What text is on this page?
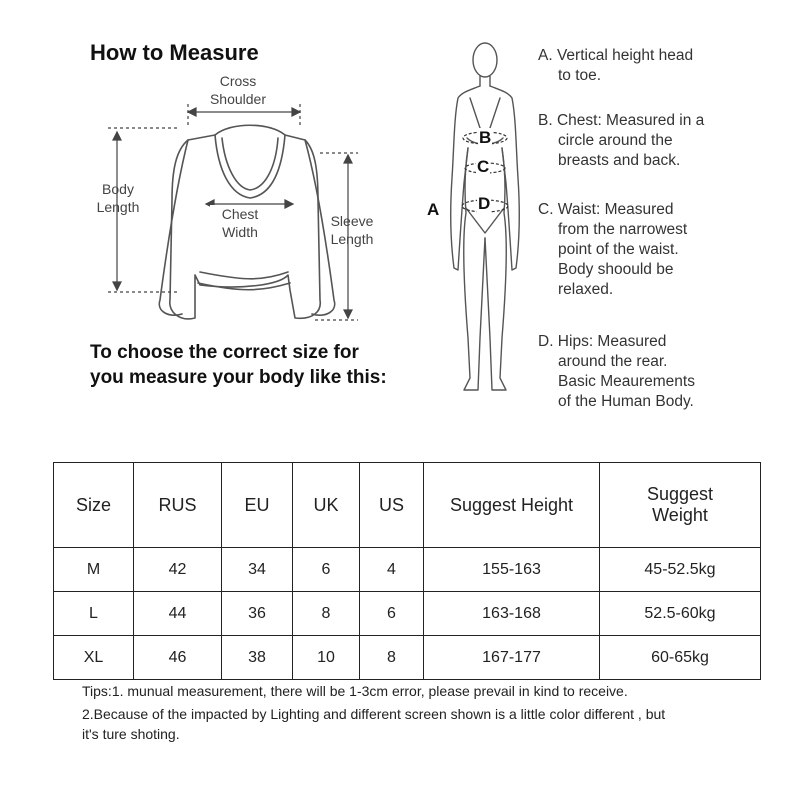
How to Measure
Cross
Shoulder
Body
Length	Chest
Width
Sleeve
Length
To choose the correct size for
you measure your body like this:
B
C
D
A
A. Vertical height head
to toe.
B. Chest: Measured in a
circle around the
breasts and back.
C. Waist: Measured
from the narrowest
point of the waist.
Body shoould be
relaxed.
D. Hips: Measured
around the rear.
Basic Meaurements
of the Human Body.
Size	RUS	EU	UK	US	Suggest Height	Suggest
Weight

M	42	34	6	4	155-163	45-52.5kg
L	44	36	8	6	163-168	52.5-60kg
XL	46	38	10	8	167-177	60-65kg
Tips:1. munual measurement, there will be 1-3cm error, please prevail in kind to receive.
2.Because of the impacted by Lighting and different screen shown is a little color different , but
it's ture shoting.
